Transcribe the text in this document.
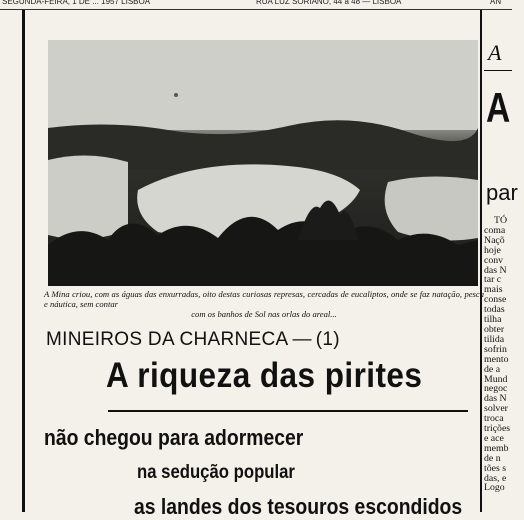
SEGUNDA-FEIRA, 1 DE ... 1957 LISBOA	RUA LUZ SORIANO, 44 a 48 — LISBOA	AN
A Mina criou, com as águas das enxurradas, oito destas curiosas represas, cercadas de eucaliptos, onde se faz natação, pesca e náutica, sem contar
com os banhos de Sol nas orlas do areal...
MINEIROS DA CHARNECA — (1)
A riqueza das pirites
não chegou para adormecer
na sedução popular
as landes dos tesouros escondidos
A
A
par
TÓ
coma
Naçõ
hoje
conv
das N
tar c
mais
conse
todas
tilha
obter
tilida
sofrin
mento
de a
Mund
negoc
das N
solver
troca
trições
e ace
memb
de n
tões s
das, e
Logo
